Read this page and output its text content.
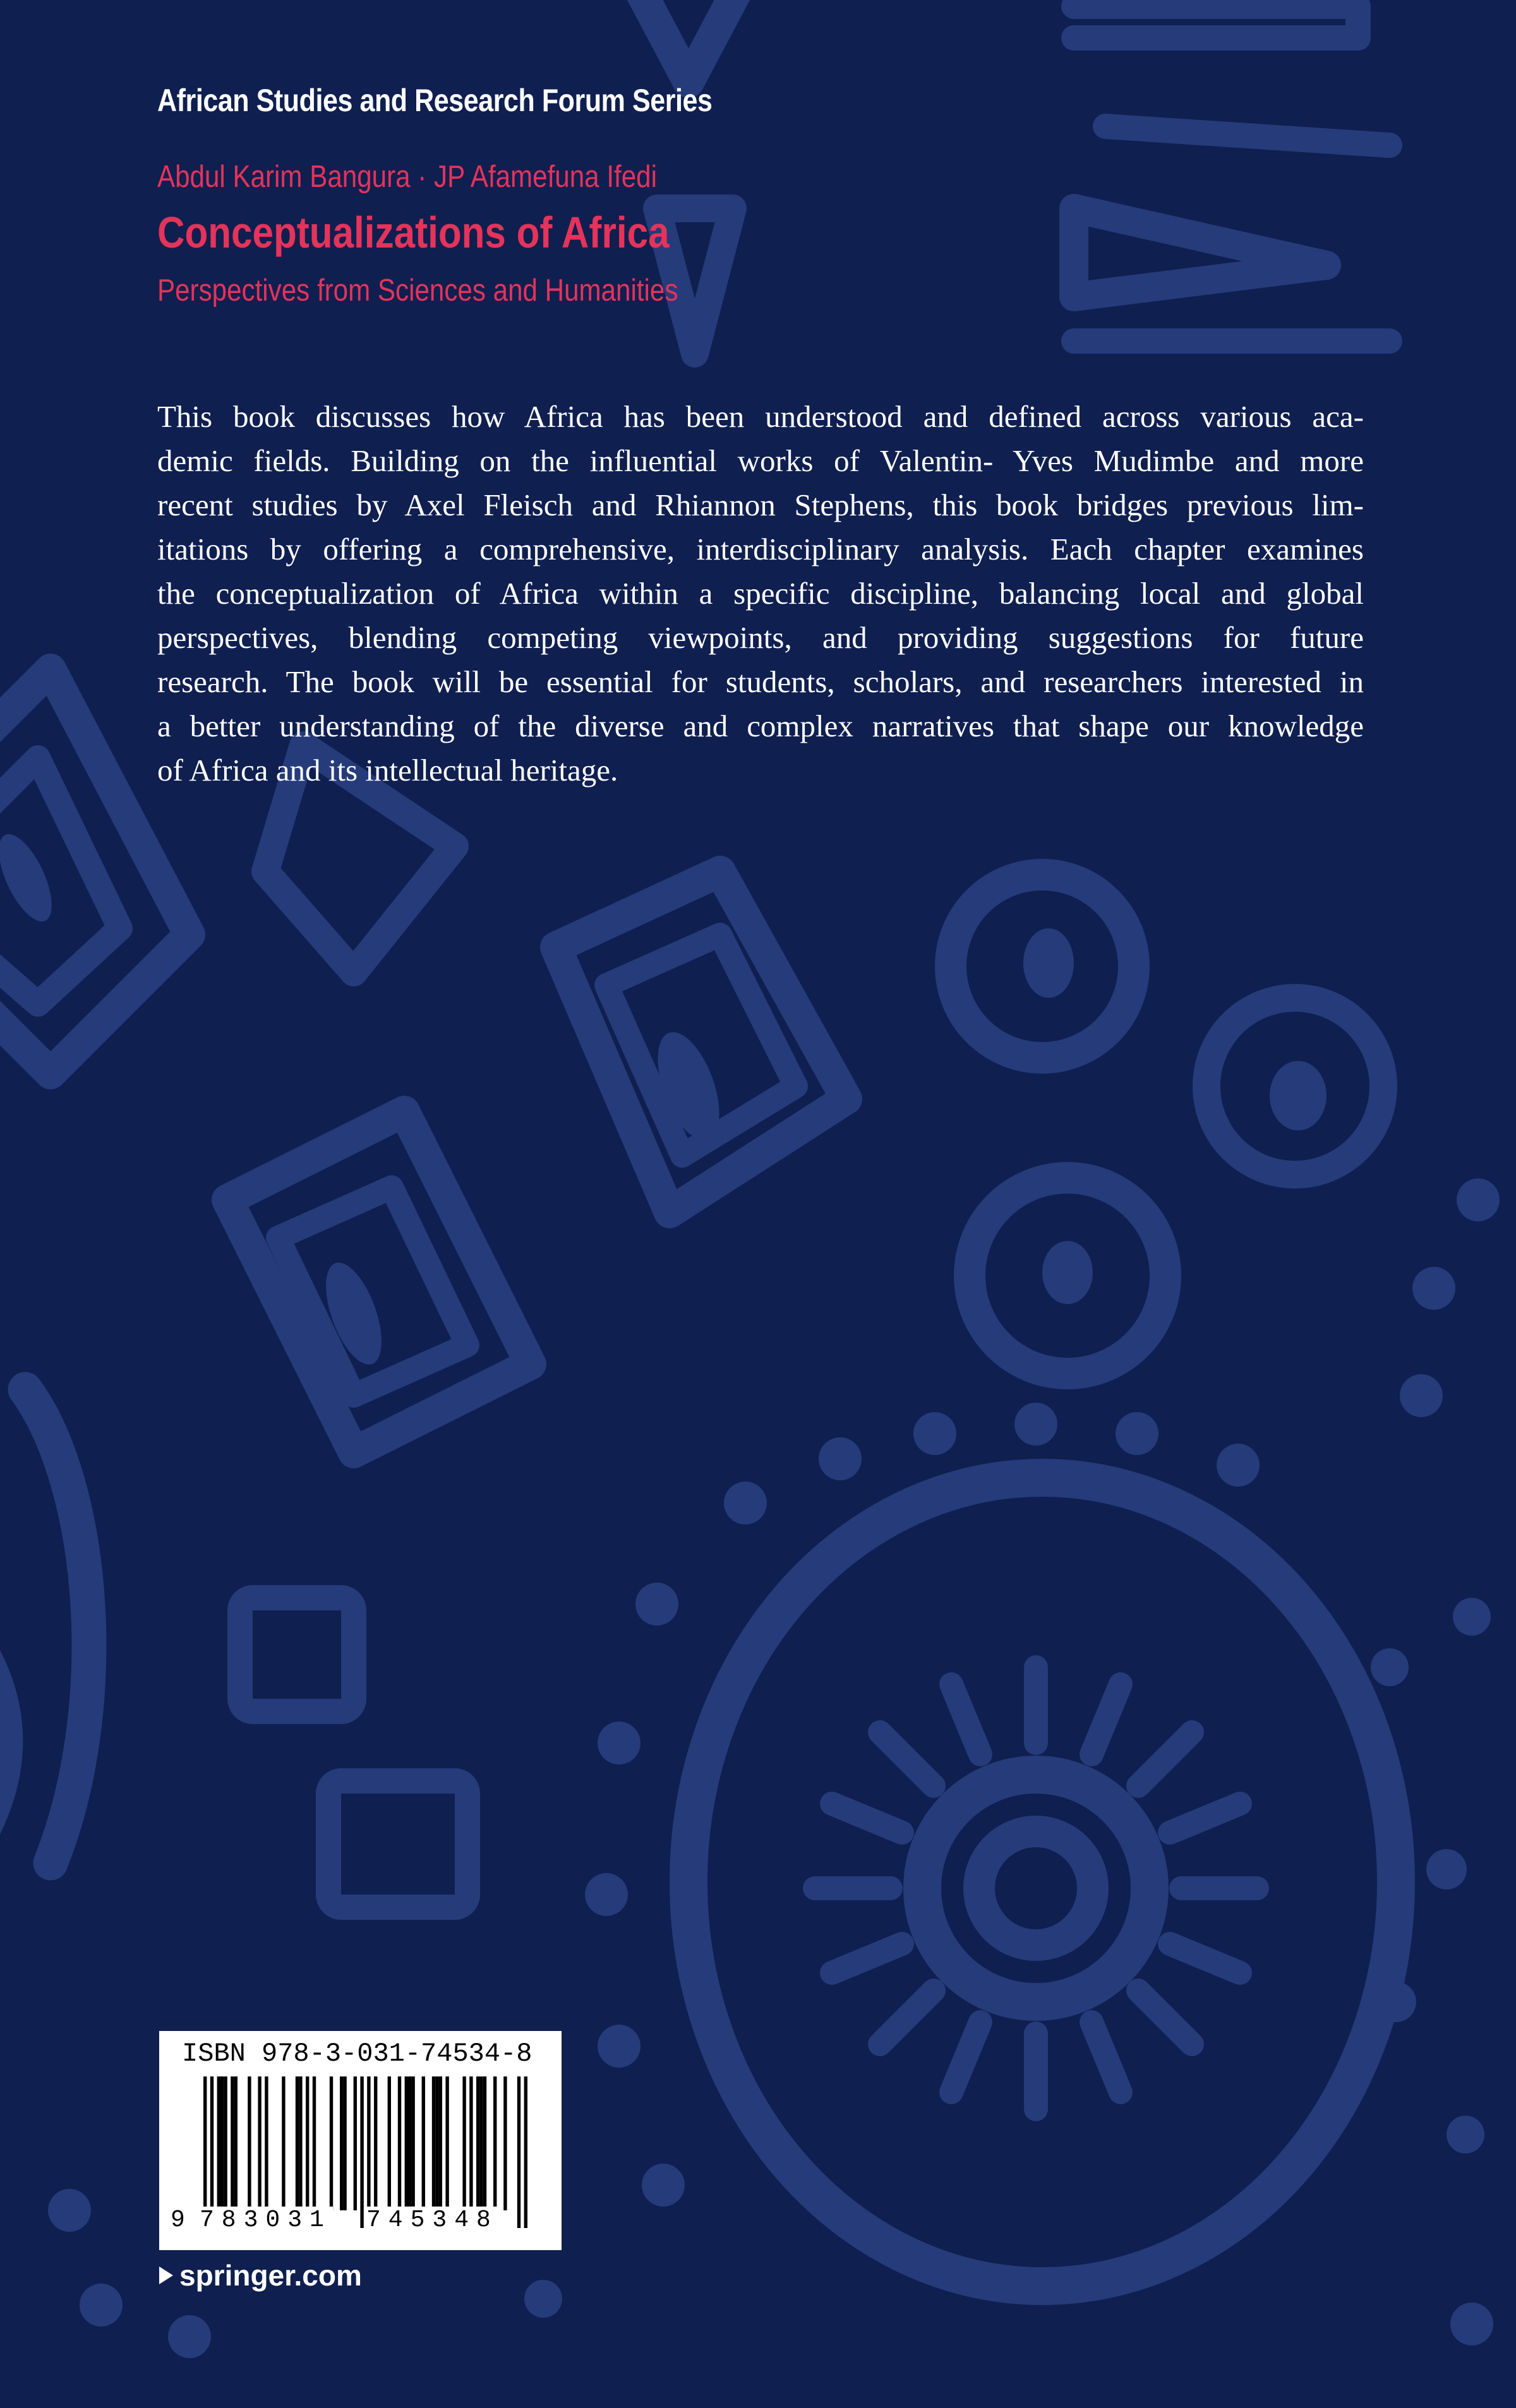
African Studies and Research Forum Series
Abdul Karim Bangura · JP Afamefuna Ifedi
Conceptualizations of Africa
Perspectives from Sciences and Humanities
This book discusses how Africa has been understood and defined across various aca-
demic fields. Building on the influential works of Valentin- Yves Mudimbe and more
recent studies by Axel Fleisch and Rhiannon Stephens, this book bridges previous lim-
itations by offering a comprehensive, interdisciplinary analysis. Each chapter examines
the conceptualization of Africa within a specific discipline, balancing local and global
perspectives, blending competing viewpoints, and providing suggestions for future
research. The book will be essential for students, scholars, and researchers interested in
a better understanding of the diverse and complex narratives that shape our knowledge
of Africa and its intellectual heritage.
ISBN 978-3-031-74534-8
9 783031 745348
springer.com
